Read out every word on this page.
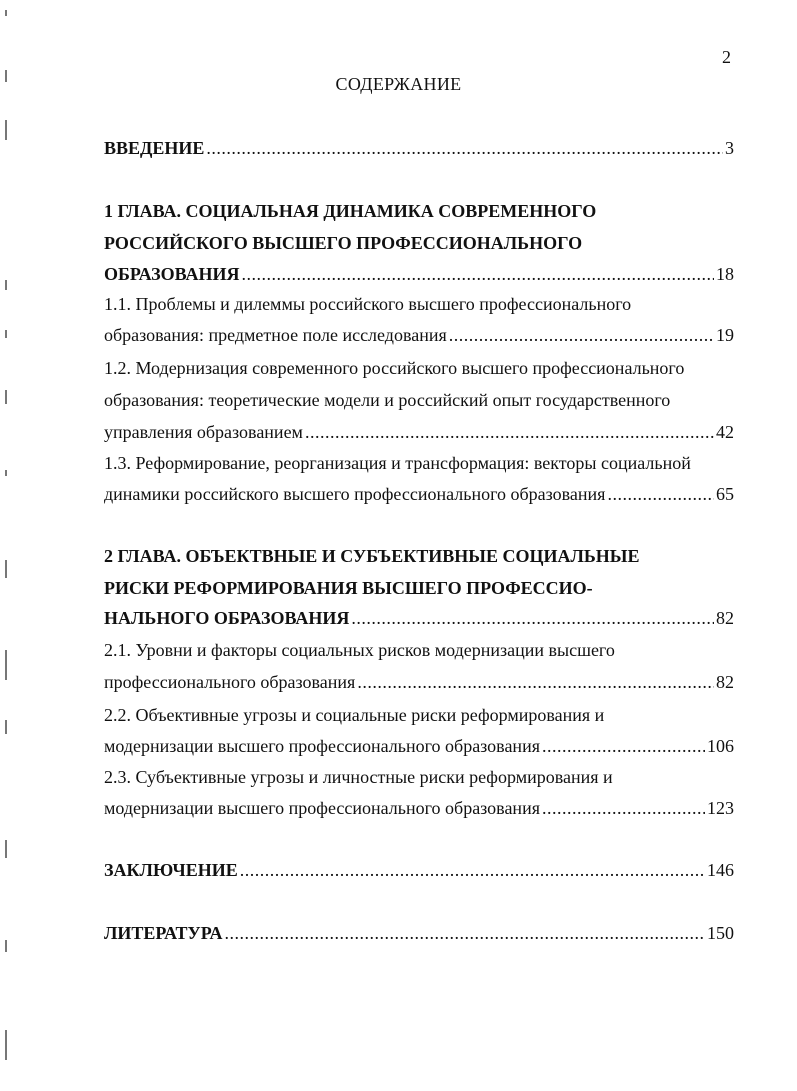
2
СОДЕРЖАНИЕ
ВВЕДЕНИЕ .....	3
1 ГЛАВА. СОЦИАЛЬНАЯ ДИНАМИКА СОВРЕМЕННОГО
РОССИЙСКОГО ВЫСШЕГО ПРОФЕССИОНАЛЬНОГО
ОБРАЗОВАНИЯ .....	18
1.1. Проблемы и дилеммы российского высшего профессионального
образования: предметное поле исследования .....	19
1.2. Модернизация современного российского высшего профессионального
образования: теоретические модели и российский опыт государственного
управления образованием .....	42
1.3. Реформирование, реорганизация и трансформация: векторы социальной
динамики российского высшего профессионального образования .....	65
2 ГЛАВА. ОБЪЕКТВНЫЕ И СУБЪЕКТИВНЫЕ СОЦИАЛЬНЫЕ
РИСКИ РЕФОРМИРОВАНИЯ ВЫСШЕГО ПРОФЕССИО-
НАЛЬНОГО ОБРАЗОВАНИЯ .....	82
2.1. Уровни и факторы социальных рисков модернизации высшего
профессионального образования .....	82
2.2. Объективные угрозы и социальные риски реформирования и
модернизации высшего профессионального образования .....	106
2.3. Субъективные угрозы и личностные риски реформирования и
модернизации высшего профессионального образования .....	123
ЗАКЛЮЧЕНИЕ .....	146
ЛИТЕРАТУРА .....	150
